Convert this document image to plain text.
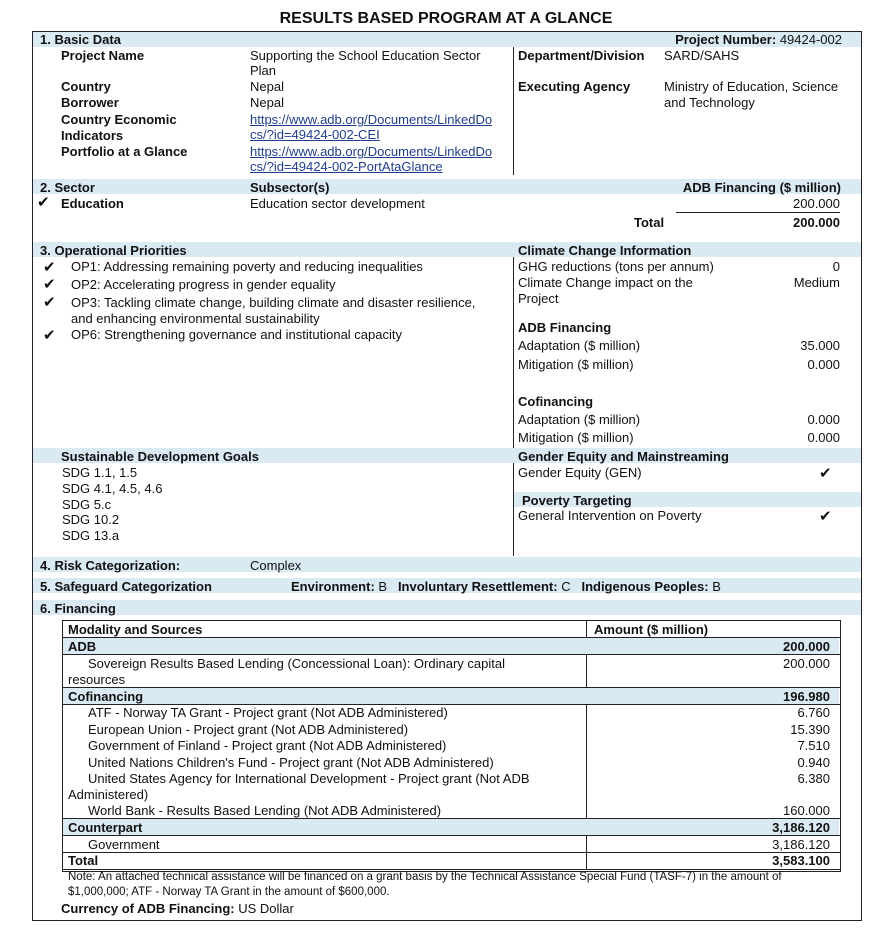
RESULTS BASED PROGRAM AT A GLANCE
1. Basic Data	Project Number: 49424-002
Project Name	Supporting the School Education Sector
Plan
Country	Nepal
Borrower	Nepal
Country Economic
Indicators
https://www.adb.org/Documents/LinkedDo
cs/?id=49424-002-CEI
Portfolio at a Glance	https://www.adb.org/Documents/LinkedDo
cs/?id=49424-002-PortAtaGlance
Department/Division SARD/SAHS
Executing Agency	Ministry of Education, Science
and Technology
2. Sector	Subsector(s)	ADB Financing ($ million)
✔ Education	Education sector development	200.000
Total	200.000
3. Operational Priorities	Climate Change Information
✔ OP1: Addressing remaining poverty and reducing inequalities
✔ OP2: Accelerating progress in gender equality
✔ OP3: Tackling climate change, building climate and disaster resilience,
and enhancing environmental sustainability
✔ OP6: Strengthening governance and institutional capacity
GHG reductions (tons per annum)	0
Climate Change impact on the
Project
Medium
ADB Financing
Adaptation ($ million)	35.000
Mitigation ($ million)	0.000
Cofinancing
Adaptation ($ million)	0.000
Mitigation ($ million)	0.000
Sustainable Development Goals	Gender Equity and Mainstreaming
SDG 1.1, 1.5
SDG 4.1, 4.5, 4.6
SDG 5.c
SDG 10.2
SDG 13.a
Gender Equity (GEN)	✔
Poverty Targeting
General Intervention on Poverty	✔
4. Risk Categorization:	Complex
5. Safeguard Categorization	Environment: B Involuntary Resettlement: C Indigenous Peoples: B
6. Financing
Modality and Sources	Amount ($ million)
ADB	200.000
Sovereign Results Based Lending (Concessional Loan): Ordinary capital
resources
200.000
Cofinancing	196.980
ATF - Norway TA Grant - Project grant (Not ADB Administered)	6.760
European Union - Project grant (Not ADB Administered)	15.390
Government of Finland - Project grant (Not ADB Administered)	7.510
United Nations Children's Fund - Project grant (Not ADB Administered)	0.940
United States Agency for International Development - Project grant (Not ADB
Administered)
6.380
World Bank - Results Based Lending (Not ADB Administered)	160.000
Counterpart	3,186.120
Government	3,186.120
Total	3,583.100
Note: An attached technical assistance will be financed on a grant basis by the Technical Assistance Special Fund (TASF-7) in the amount of $1,000,000; ATF - Norway TA Grant in the amount of $600,000.
Currency of ADB Financing: US Dollar
